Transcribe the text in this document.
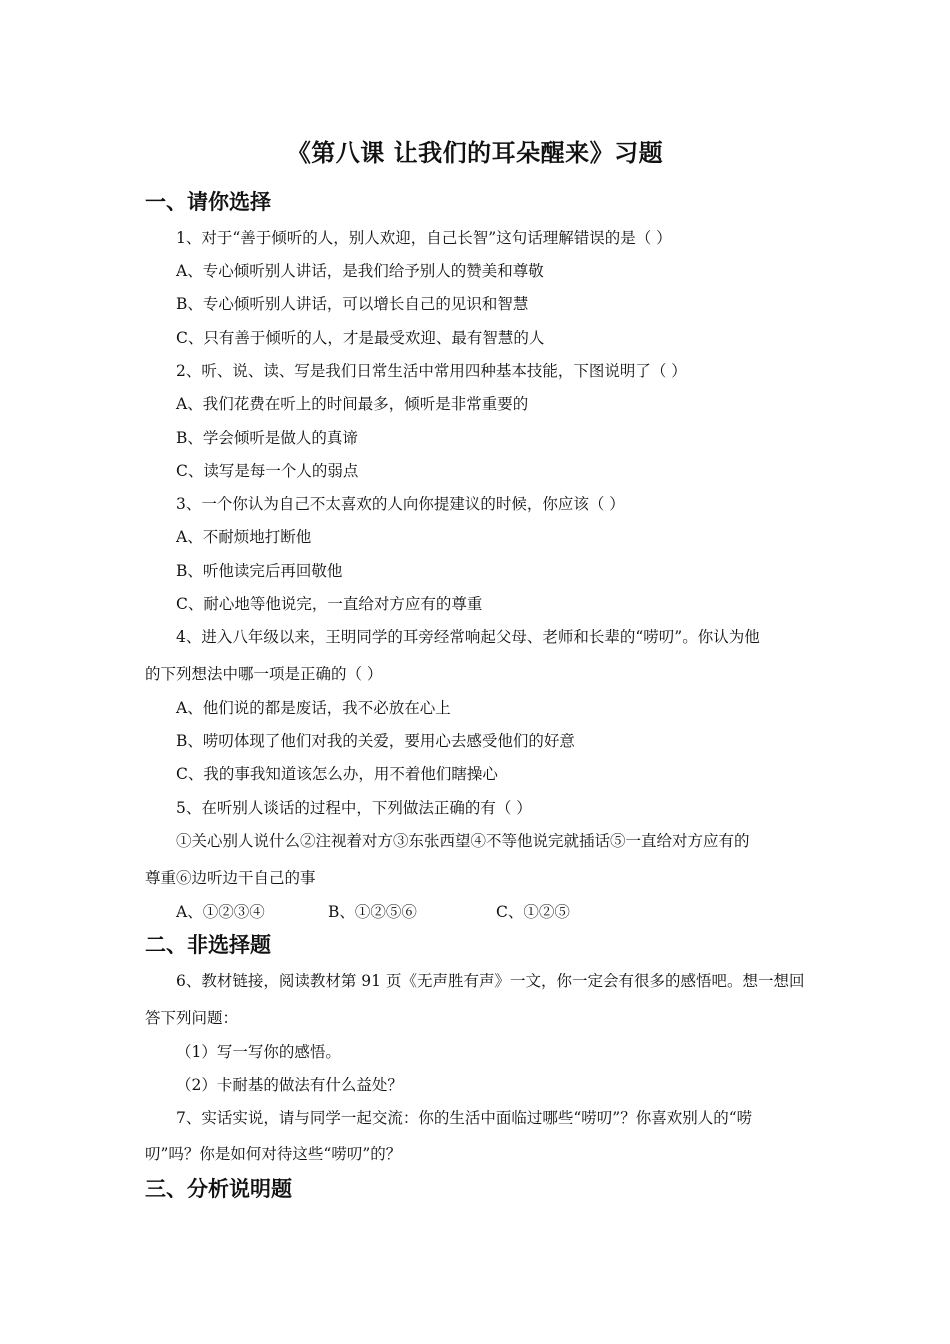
《第八课 让我们的耳朵醒来》习题
一、请你选择
1、对于“善于倾听的人，别人欢迎，自己长智”这句话理解错误的是（ ）
A、专心倾听别人讲话，是我们给予别人的赞美和尊敬
B、专心倾听别人讲话，可以增长自己的见识和智慧
C、只有善于倾听的人，才是最受欢迎、最有智慧的人
2、听、说、读、写是我们日常生活中常用四种基本技能，下图说明了（ ）
A、我们花费在听上的时间最多，倾听是非常重要的
B、学会倾听是做人的真谛
C、读写是每一个人的弱点
3、一个你认为自己不太喜欢的人向你提建议的时候，你应该（ ）
A、不耐烦地打断他
B、听他读完后再回敬他
C、耐心地等他说完，一直给对方应有的尊重
4、进入八年级以来，王明同学的耳旁经常响起父母、老师和长辈的“唠叨”。你认为他
的下列想法中哪一项是正确的（ ）
A、他们说的都是废话，我不必放在心上
B、唠叨体现了他们对我的关爱，要用心去感受他们的好意
C、我的事我知道该怎么办，用不着他们瞎操心
5、在听别人谈话的过程中，下列做法正确的有（ ）
①关心别人说什么②注视着对方③东张西望④不等他说完就插话⑤一直给对方应有的
尊重⑥边听边干自己的事
A、①②③④	B、①②⑤⑥	C、①②⑤
二、非选择题
6、教材链接，阅读教材第 91 页《无声胜有声》一文，你一定会有很多的感悟吧。想一想回
答下列问题：
（1）写一写你的感悟。
（2）卡耐基的做法有什么益处？
7、实话实说，请与同学一起交流：你的生活中面临过哪些“唠叨”？你喜欢别人的“唠
叨”吗？你是如何对待这些“唠叨”的？
三、分析说明题
